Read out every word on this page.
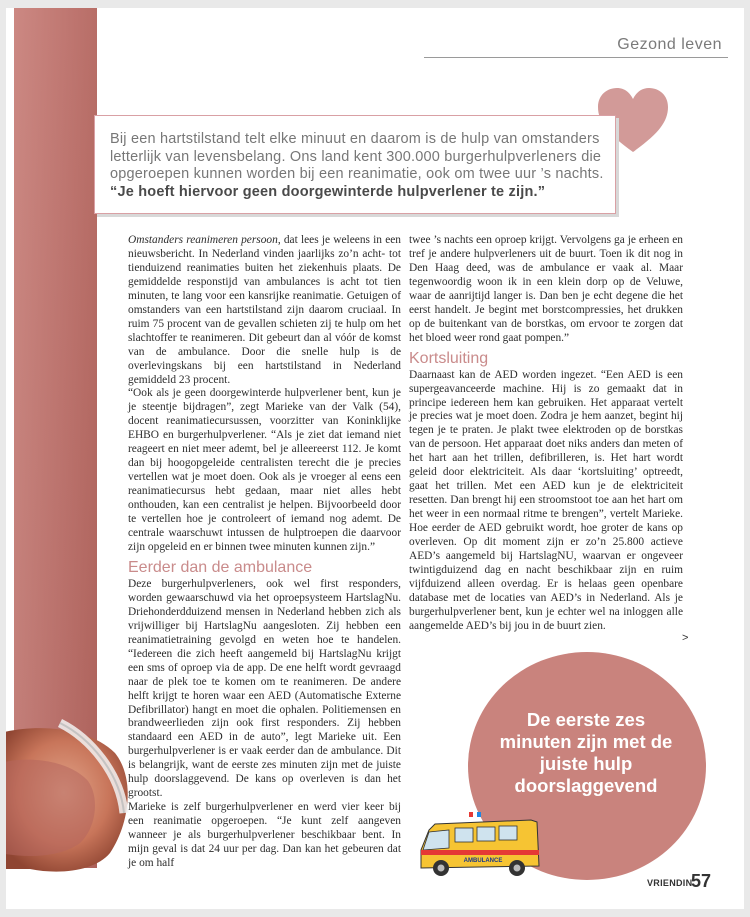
Gezond leven
Bij een hartstilstand telt elke minuut en daarom is de hulp van omstanders letterlijk van levensbelang. Ons land kent 300.000 burgerhulpverleners die opgeroepen kunnen worden bij een reanimatie, ook om twee uur ’s nachts. “Je hoeft hiervoor geen doorgewinterde hulpverlener te zijn.”

Omstanders reanimeren persoon, dat lees je weleens in een nieuwsbericht. In Nederland vinden jaarlijks zo’n acht- tot tienduizend reanimaties buiten het ziekenhuis plaats. De gemiddelde responstijd van ambulances is acht tot tien minuten, te lang voor een kansrijke reanimatie. Getuigen of omstanders van een hartstilstand zijn daarom cruciaal. In ruim 75 procent van de gevallen schieten zij te hulp om het slachtoffer te reanimeren. Dit gebeurt dan al vóór de komst van de ambulance. Door die snelle hulp is de overlevingskans bij een hartstilstand in Nederland gemiddeld 23 procent.

“Ook als je geen doorgewinterde hulpverlener bent, kun je je steentje bijdragen”, zegt Marieke van der Valk (54), docent reanimatiecursussen, voorzitter van Koninklijke EHBO en burgerhulpverlener. “Als je ziet dat iemand niet reageert en niet meer ademt, bel je alleereerst 112. Je komt dan bij hoogopgeleide centralisten terecht die je precies vertellen wat je moet doen. Ook als je vroeger al eens een reanimatiecursus hebt gedaan, maar niet alles hebt onthouden, kan een centralist je helpen. Bijvoorbeeld door te vertellen hoe je controleert of iemand nog ademt. De centrale waarschuwt intussen de hulptroepen die daarvoor zijn opgeleid en er binnen twee minuten kunnen zijn.”

Eerder dan de ambulance

Deze burgerhulpverleners, ook wel first responders, worden gewaarschuwd via het oproepsysteem HartslagNu. Driehonderdduizend mensen in Nederland hebben zich als vrijwilliger bij HartslagNu aangesloten. Zij hebben een reanimatietraining gevolgd en weten hoe te handelen. “Iedereen die zich heeft aangemeld bij HartslagNu krijgt een sms of oproep via de app. De ene helft wordt gevraagd naar de plek toe te komen om te reanimeren. De andere helft krijgt te horen waar een AED (Automatische Externe Defibrillator) hangt en moet die ophalen. Politiemensen en brandweerlieden zijn ook first responders. Zij hebben standaard een AED in de auto”, legt Marieke uit. Een burgerhulpverlener is er vaak eerder dan de ambulance. Dit is belangrijk, want de eerste zes minuten zijn met de juiste hulp doorslaggevend. De kans op overleven is dan het grootst.

Marieke is zelf burgerhulpverlener en werd vier keer bij een reanimatie opgeroepen. “Je kunt zelf aangeven wanneer je als burgerhulpverlener beschikbaar bent. In mijn geval is dat 24 uur per dag. Dan kan het gebeuren dat je om half

twee ’s nachts een oproep krijgt. Vervolgens ga je erheen en tref je andere hulpverleners uit de buurt. Toen ik dit nog in Den Haag deed, was de ambulance er vaak al. Maar tegenwoordig woon ik in een klein dorp op de Veluwe, waar de aanrijtijd langer is. Dan ben je echt degene die het eerst handelt. Je begint met borstcompressies, het drukken op de buitenkant van de borstkas, om ervoor te zorgen dat het bloed weer rond gaat pompen.”

Kortsluiting

Daarnaast kan de AED worden ingezet. “Een AED is een supergeavanceerde machine. Hij is zo gemaakt dat in principe iedereen hem kan gebruiken. Het apparaat vertelt je precies wat je moet doen. Zodra je hem aanzet, begint hij tegen je te praten. Je plakt twee elektroden op de borstkas van de persoon. Het apparaat doet niks anders dan meten of het hart aan het trillen, defibrilleren, is. Het hart wordt geleid door elektriciteit. Als daar ‘kortsluiting’ optreedt, gaat het trillen. Met een AED kun je de elektriciteit resetten. Dan brengt hij een stroomstoot toe aan het hart om het weer in een normaal ritme te brengen”, vertelt Marieke. Hoe eerder de AED gebruikt wordt, hoe groter de kans op overleven. Op dit moment zijn er zo’n 25.800 actieve AED’s aangemeld bij HartslagNU, waarvan er ongeveer twintigduizend dag en nacht beschikbaar zijn en ruim vijfduizend alleen overdag. Er is helaas geen openbare database met de locaties van AED’s in Nederland. Als je burgerhulpverlener bent, kun je echter wel na inloggen alle aangemelde AED’s bij jou in de buurt zien.

>
De eerste zes minuten zijn met de juiste hulp doorslaggevend
AMBULANCE
VRIENDIN
57
